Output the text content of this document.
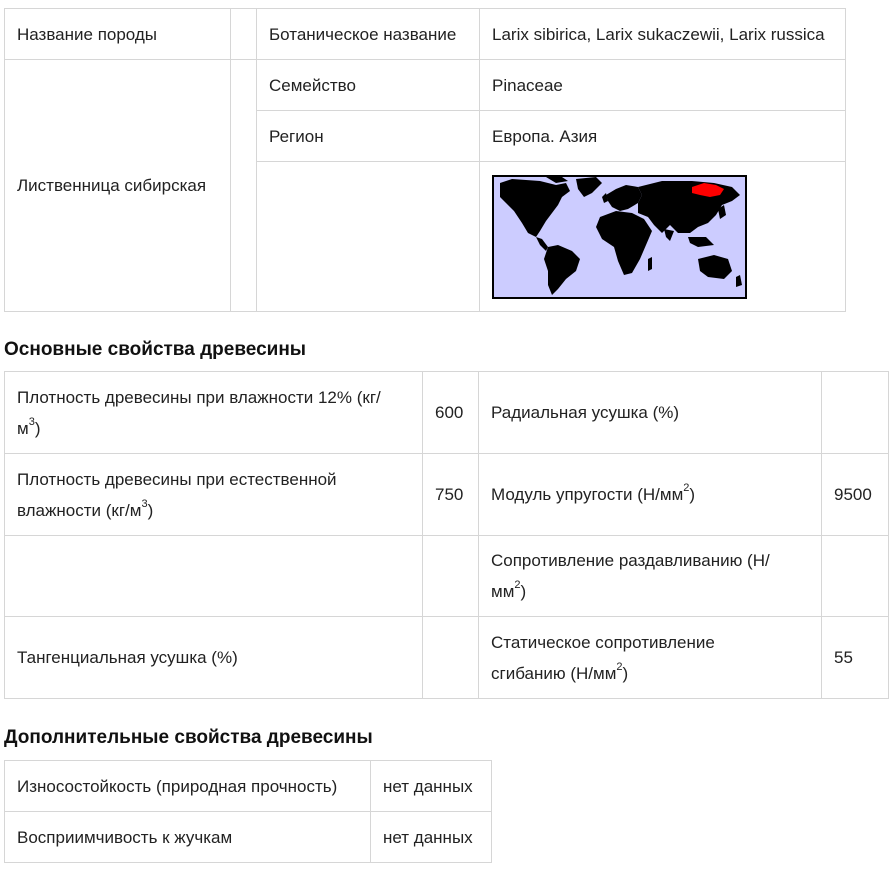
Название породы		Ботаническое название	Larix sibirica, Larix sukaczewii, Larix russica
Лиственница сибирская		Семейство	Pinaceae
		Регион	Европа. Азия

Основные свойства древесины
Плотность древесины при влажности 12% (кг/
$м^3$)	600	Радиальная усушка (%)	
Плотность древесины при естественной
влажности $(кг/м^3)$	750	Модуль упругости $(Н/мм^2)$	9500
		Сопротивление раздавливанию (Н/
$мм^2$)	
Тангенциальная усушка (%)		Статическое сопротивление
сгибанию $(Н/мм^2)$	55
Дополнительные свойства древесины
Износостойкость (природная прочность)	нет данных
Восприимчивость к жучкам	нет данных
